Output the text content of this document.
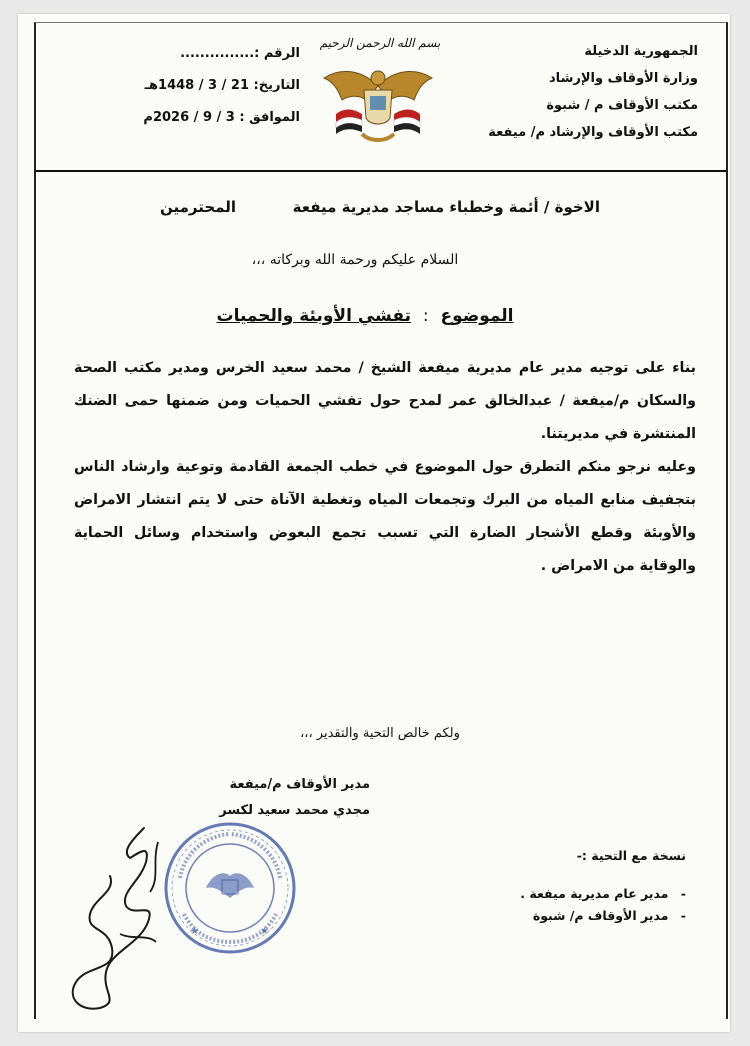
الجمهورية الدخيلة
وزارة الأوقاف والإرشاد
مكتب الأوقاف م / شبوة
مكتب الأوقاف والإرشاد م/ ميفعة
بسم الله الرحمن الرحيم
الرقم :...............
التاريخ: 21 / 3 / 1448هـ
الموافق : 3 / 9 / 2026م
الاخوة / أئمة وخطباء مساجد مديرية ميفعة
المحترمين
السلام عليكم ورحمة الله وبركاته ،،،
الموضوع : تفشي الأوبئة والحميات

بناء على توجيه مدير عام مديرية ميفعة الشيخ / محمد سعيد الخرس ومدير مكتب الصحة والسكان م/ميفعة / عبدالخالق عمر لمدح حول تفشي الحميات ومن ضمنها حمى الضنك المنتشرة في مديريتنا.

وعليه نرجو منكم التطرق حول الموضوع في خطب الجمعة القادمة وتوعية وارشاد الناس بتجفيف منابع المياه من البرك وتجمعات المياه وتغطية الآناة حتى لا يتم انتشار الامراض والأوبئة وقطع الأشجار الضارة التي تسبب تجمع البعوض واستخدام وسائل الحماية والوقاية من الامراض .

ولكم خالص التحية والتقدير ،،،
مدير الأوقاف م/ميفعة
مجدي محمد سعيد لكسر
★	★
نسخة مع التحية :-
- مدير عام مديرية ميفعة .
- مدير الأوقاف م/ شبوة
